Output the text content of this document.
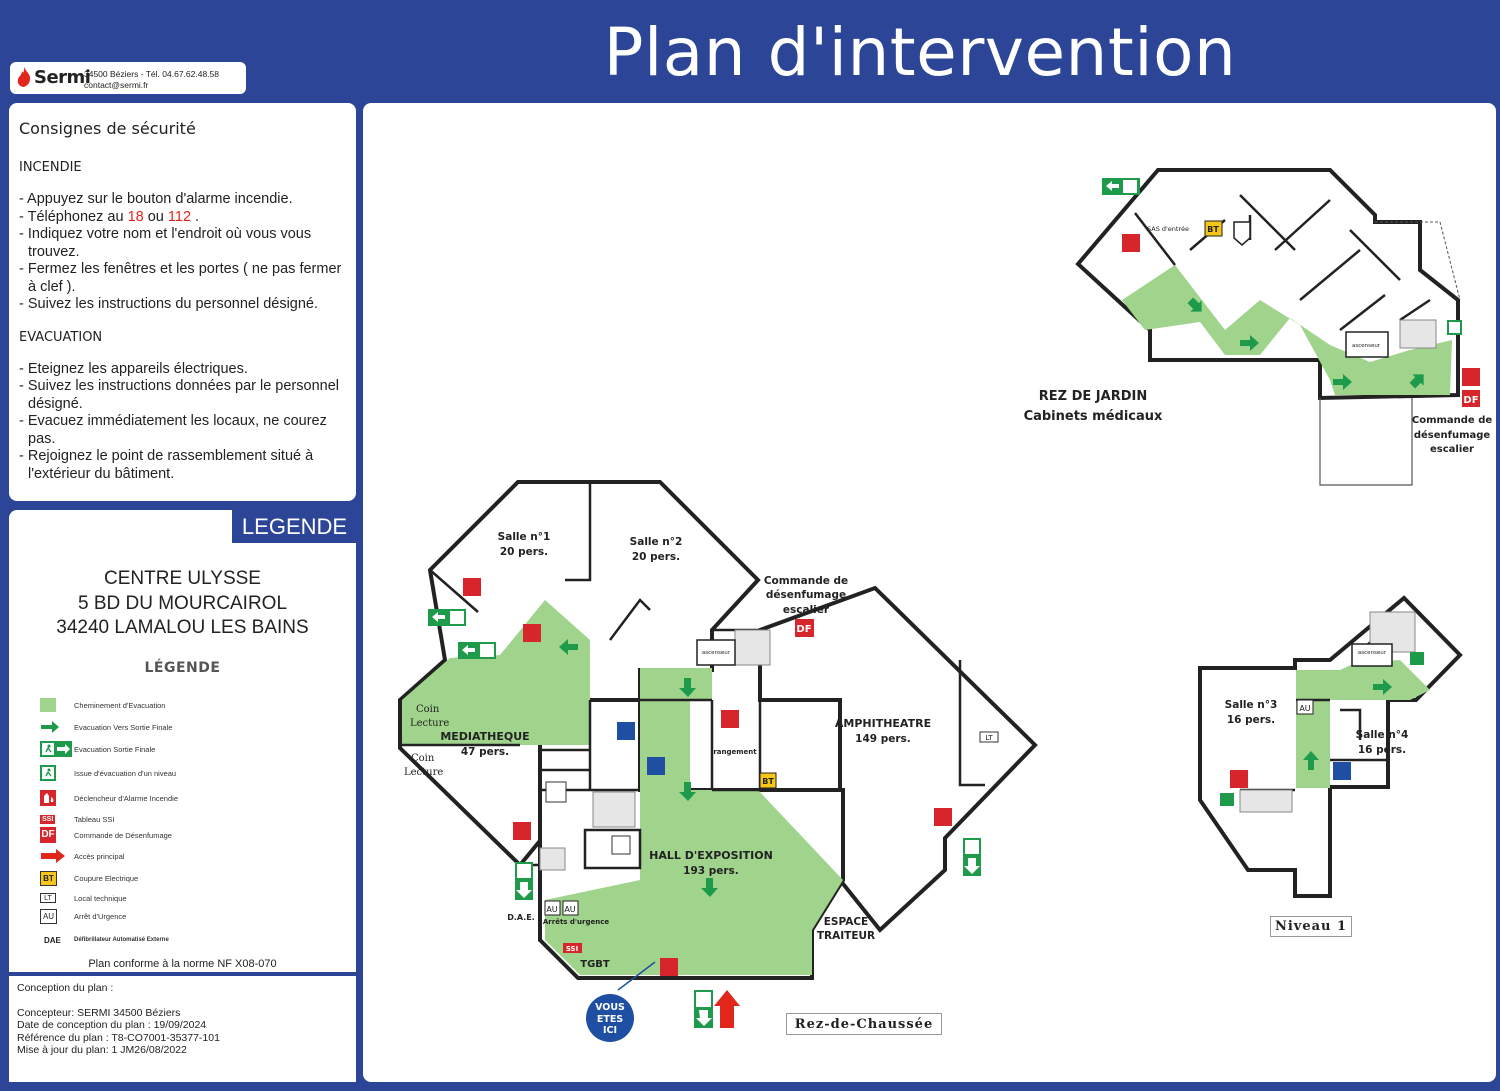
Plan d'intervention
Sermi
34500 Béziers - Tél. 04.67.62.48.58
contact@sermi.fr
Consignes de sécurité
INCENDIE
- Appuyez sur le bouton d'alarme incendie.
- Téléphonez au 18 ou 112 .
- Indiquez votre nom et l'endroit où vous vous trouvez.
- Fermez les fenêtres et les portes ( ne pas fermer à clef ).
- Suivez les instructions du personnel désigné.
EVACUATION
- Eteignez les appareils électriques.
- Suivez les instructions données par le personnel désigné.
- Evacuez immédiatement les locaux, ne courez pas.
- Rejoignez le point de rassemblement situé à l'extérieur du bâtiment.
LEGENDE
CENTRE ULYSSE
5 BD DU MOURCAIROL
34240 LAMALOU LES BAINS
LÉGENDE
Cheminement d'Evacuation
Evacuation Vers Sortie Finale
Evacuation Sortie Finale
Issue d'évacuation d'un niveau
Déclencheur d'Alarme Incendie
SSI	Tableau SSI
DF	Commande de Désenfumage
Accès principal
BT	Coupure Electrique
LT	Local technique
AU	Arrêt d'Urgence
DAE Défibrillateur Automatisé Externe
Plan conforme à la norme NF X08-070
Conception du plan :
Concepteur: SERMI 34500 Béziers
Date de conception du plan : 19/09/2024
Référence du plan : T8-CO7001-35377-101
Mise à jour du plan: 1 JM26/08/2022
BT
SAS d'entrée
ascenseur
DF
REZ DE JARDIN
Cabinets médicaux	Commande de
désenfumage
escalier
ascenseur
AU
Salle n°3
16 pers.
Salle n°4
16 pers.
ascenseur
DF
BT
LT
AU AU
SSI
Salle n°1
20 pers.
Salle n°2
20 pers.
Commande de
désenfumage
escalier
Coin
Lecture
MEDIATHEQUE
47 pers.
Coin
Lecture
rangement
AMPHITHEATRE
149 pers.
HALL D'EXPOSITION
193 pers.
ESPACE
TRAITEUR
D.A.E. Arrêts d'urgence
TGBT
Niveau 1
Rez-de-Chaussée
VOUS
ETES
ICI
